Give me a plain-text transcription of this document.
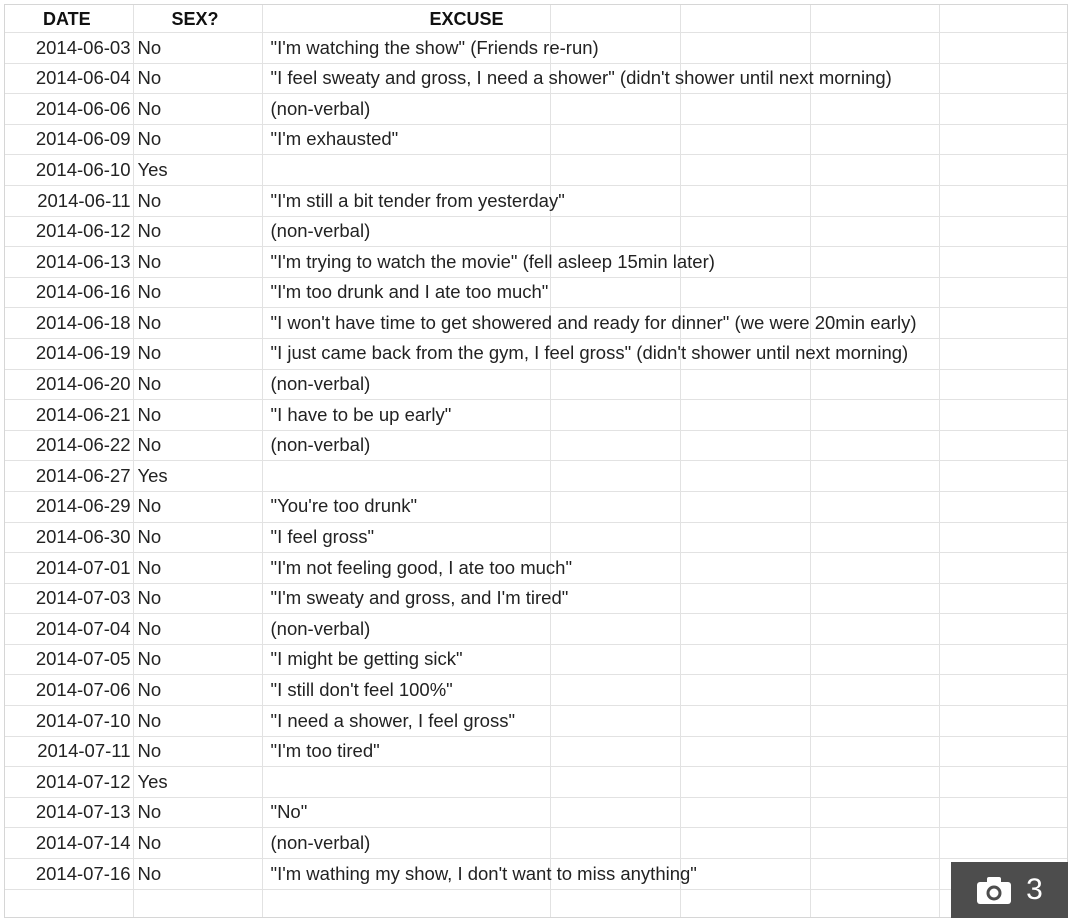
DATE	SEX?	EXCUSE				
2014-06-03	No	"I'm watching the show" (Friends re-run)				
2014-06-04	No	"I feel sweaty and gross, I need a shower" (didn't shower until next morning)				
2014-06-06	No	(non-verbal)				
2014-06-09	No	"I'm exhausted"				
2014-06-10	Yes					
2014-06-11	No	"I'm still a bit tender from yesterday"				
2014-06-12	No	(non-verbal)				
2014-06-13	No	"I'm trying to watch the movie" (fell asleep 15min later)				
2014-06-16	No	"I'm too drunk and I ate too much"				
2014-06-18	No	"I won't have time to get showered and ready for dinner" (we were 20min early)				
2014-06-19	No	"I just came back from the gym, I feel gross" (didn't shower until next morning)				
2014-06-20	No	(non-verbal)				
2014-06-21	No	"I have to be up early"				
2014-06-22	No	(non-verbal)				
2014-06-27	Yes					
2014-06-29	No	"You're too drunk"				
2014-06-30	No	"I feel gross"				
2014-07-01	No	"I'm not feeling good, I ate too much"				
2014-07-03	No	"I'm sweaty and gross, and I'm tired"				
2014-07-04	No	(non-verbal)				
2014-07-05	No	"I might be getting sick"				
2014-07-06	No	"I still don't feel 100%"				
2014-07-10	No	"I need a shower, I feel gross"				
2014-07-11	No	"I'm too tired"				
2014-07-12	Yes					
2014-07-13	No	"No"				
2014-07-14	No	(non-verbal)				
2014-07-16	No	"I'm wathing my show, I don't want to miss anything"				
							3
